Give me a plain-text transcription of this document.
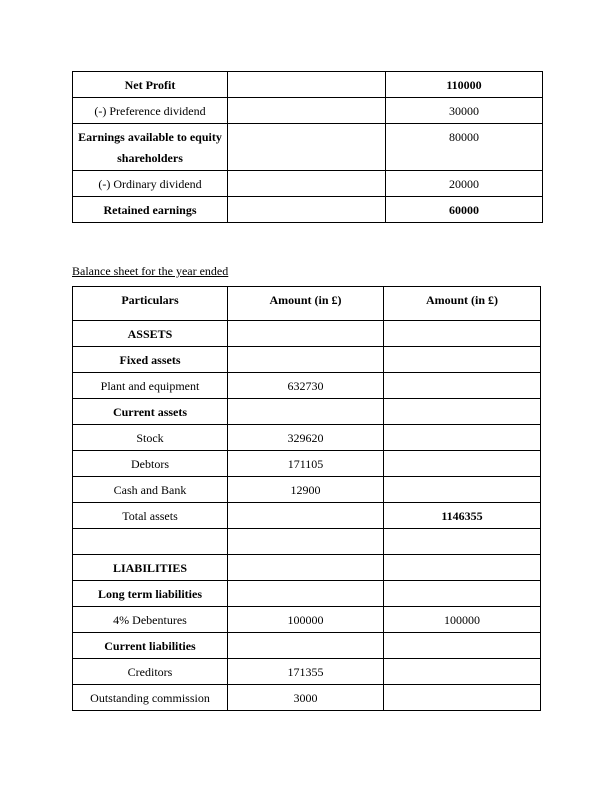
Net Profit		110000
(-) Preference dividend		30000
Earnings available to equity shareholders		80000
(-) Ordinary dividend		20000
Retained earnings		60000
Balance sheet for the year ended
Particulars	Amount (in £)	Amount (in £)
ASSETS		
Fixed assets		
Plant and equipment	632730	
Current assets		
Stock	329620	
Debtors	171105	
Cash and Bank	12900	
Total assets		1146355

LIABILITIES		
Long term liabilities		
4% Debentures	100000	100000
Current liabilities		
Creditors	171355	
Outstanding commission	3000	
